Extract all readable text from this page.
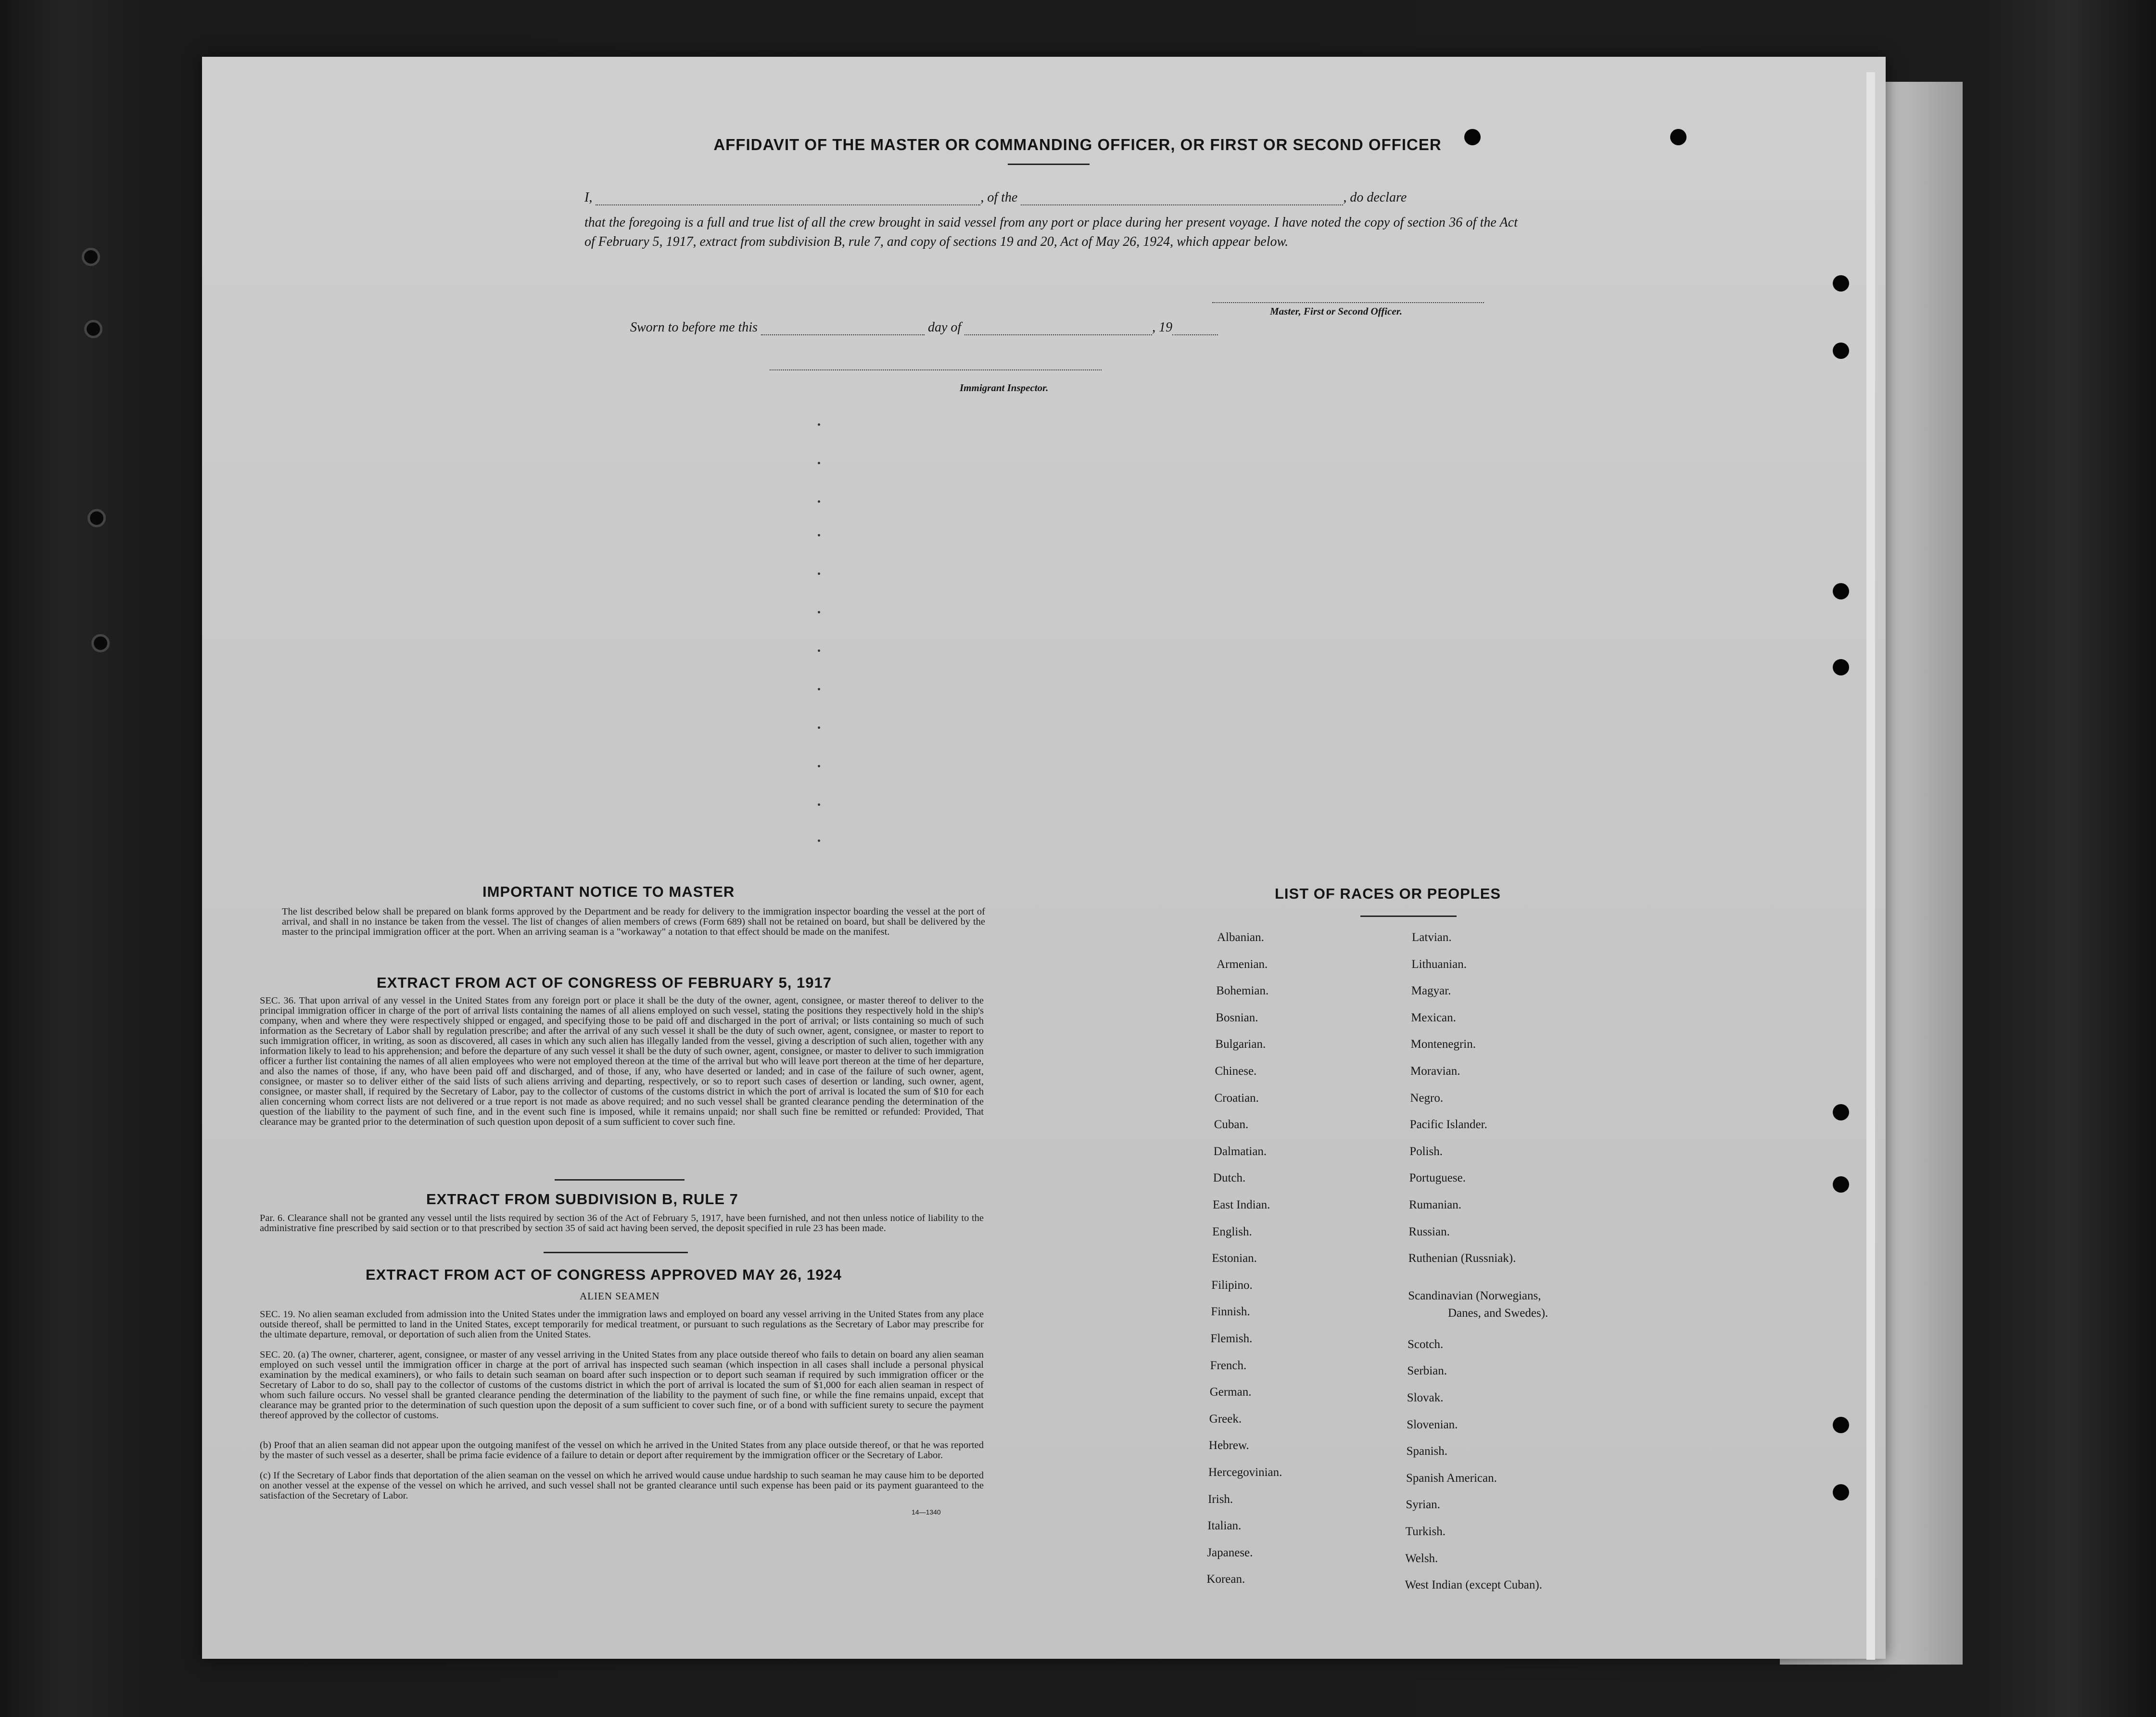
AFFIDAVIT OF THE MASTER OR COMMANDING OFFICER, OR FIRST OR SECOND OFFICER
I,	, of the	, do declare
that the foregoing is a full and true list of all the crew brought in said vessel from any port or place during her present voyage. I have noted the copy of section 36 of the Act of February 5, 1917, extract from subdivision B, rule 7, and copy of sections 19 and 20, Act of May 26, 1924, which appear below.
Master, First or Second Officer.
Sworn to before me this	day of	, 19
Immigrant Inspector.
IMPORTANT NOTICE TO MASTER
The list described below shall be prepared on blank forms approved by the Department and be ready for delivery to the immigration inspector boarding the vessel at the port of arrival, and shall in no instance be taken from the vessel. The list of changes of alien members of crews (Form 689) shall not be retained on board, but shall be delivered by the master to the principal immigration officer at the port. When an arriving seaman is a "workaway" a notation to that effect should be made on the manifest.
EXTRACT FROM ACT OF CONGRESS OF FEBRUARY 5, 1917
SEC. 36. That upon arrival of any vessel in the United States from any foreign port or place it shall be the duty of the owner, agent, consignee, or master thereof to deliver to the principal immigration officer in charge of the port of arrival lists containing the names of all aliens employed on such vessel, stating the positions they respectively hold in the ship's company, when and where they were respectively shipped or engaged, and specifying those to be paid off and discharged in the port of arrival; or lists containing so much of such information as the Secretary of Labor shall by regulation prescribe; and after the arrival of any such vessel it shall be the duty of such owner, agent, consignee, or master to report to such immigration officer, in writing, as soon as discovered, all cases in which any such alien has illegally landed from the vessel, giving a description of such alien, together with any information likely to lead to his apprehension; and before the departure of any such vessel it shall be the duty of such owner, agent, consignee, or master to deliver to such immigration officer a further list containing the names of all alien employees who were not employed thereon at the time of the arrival but who will leave port thereon at the time of her departure, and also the names of those, if any, who have been paid off and discharged, and of those, if any, who have deserted or landed; and in case of the failure of such owner, agent, consignee, or master so to deliver either of the said lists of such aliens arriving and departing, respectively, or so to report such cases of desertion or landing, such owner, agent, consignee, or master shall, if required by the Secretary of Labor, pay to the collector of customs of the customs district in which the port of arrival is located the sum of $10 for each alien concerning whom correct lists are not delivered or a true report is not made as above required; and no such vessel shall be granted clearance pending the determination of the question of the liability to the payment of such fine, and in the event such fine is imposed, while it remains unpaid; nor shall such fine be remitted or refunded: Provided, That clearance may be granted prior to the determination of such question upon deposit of a sum sufficient to cover such fine.
EXTRACT FROM SUBDIVISION B, RULE 7
Par. 6. Clearance shall not be granted any vessel until the lists required by section 36 of the Act of February 5, 1917, have been furnished, and not then unless notice of liability to the administrative fine prescribed by said section or to that prescribed by section 35 of said act having been served, the deposit specified in rule 23 has been made.
EXTRACT FROM ACT OF CONGRESS APPROVED MAY 26, 1924
ALIEN SEAMEN
SEC. 19. No alien seaman excluded from admission into the United States under the immigration laws and employed on board any vessel arriving in the United States from any place outside thereof, shall be permitted to land in the United States, except temporarily for medical treatment, or pursuant to such regulations as the Secretary of Labor may prescribe for the ultimate departure, removal, or deportation of such alien from the United States.
SEC. 20. (a) The owner, charterer, agent, consignee, or master of any vessel arriving in the United States from any place outside thereof who fails to detain on board any alien seaman employed on such vessel until the immigration officer in charge at the port of arrival has inspected such seaman (which inspection in all cases shall include a personal physical examination by the medical examiners), or who fails to detain such seaman on board after such inspection or to deport such seaman if required by such immigration officer or the Secretary of Labor to do so, shall pay to the collector of customs of the customs district in which the port of arrival is located the sum of $1,000 for each alien seaman in respect of whom such failure occurs. No vessel shall be granted clearance pending the determination of the liability to the payment of such fine, or while the fine remains unpaid, except that clearance may be granted prior to the determination of such question upon the deposit of a sum sufficient to cover such fine, or of a bond with sufficient surety to secure the payment thereof approved by the collector of customs.
(b) Proof that an alien seaman did not appear upon the outgoing manifest of the vessel on which he arrived in the United States from any place outside thereof, or that he was reported by the master of such vessel as a deserter, shall be prima facie evidence of a failure to detain or deport after requirement by the immigration officer or the Secretary of Labor.
(c) If the Secretary of Labor finds that deportation of the alien seaman on the vessel on which he arrived would cause undue hardship to such seaman he may cause him to be deported on another vessel at the expense of the vessel on which he arrived, and such vessel shall not be granted clearance until such expense has been paid or its payment guaranteed to the satisfaction of the Secretary of Labor.
14—1340
LIST OF RACES OR PEOPLES
Albanian.
Armenian.
Bohemian.
Bosnian.
Bulgarian.
Chinese.
Croatian.
Cuban.
Dalmatian.
Dutch.
East Indian.
English.
Estonian.
Filipino.
Finnish.
Flemish.
French.
German.
Greek.
Hebrew.
Hercegovinian.
Irish.
Italian.
Japanese.
Korean.
Latvian.
Lithuanian.
Magyar.
Mexican.
Montenegrin.
Moravian.
Negro.
Pacific Islander.
Polish.
Portuguese.
Rumanian.
Russian.
Ruthenian (Russniak).
Scandinavian (Norwegians,
Danes, and Swedes).
Scotch.
Serbian.
Slovak.
Slovenian.
Spanish.
Spanish American.
Syrian.
Turkish.
Welsh.
West Indian (except Cuban).
